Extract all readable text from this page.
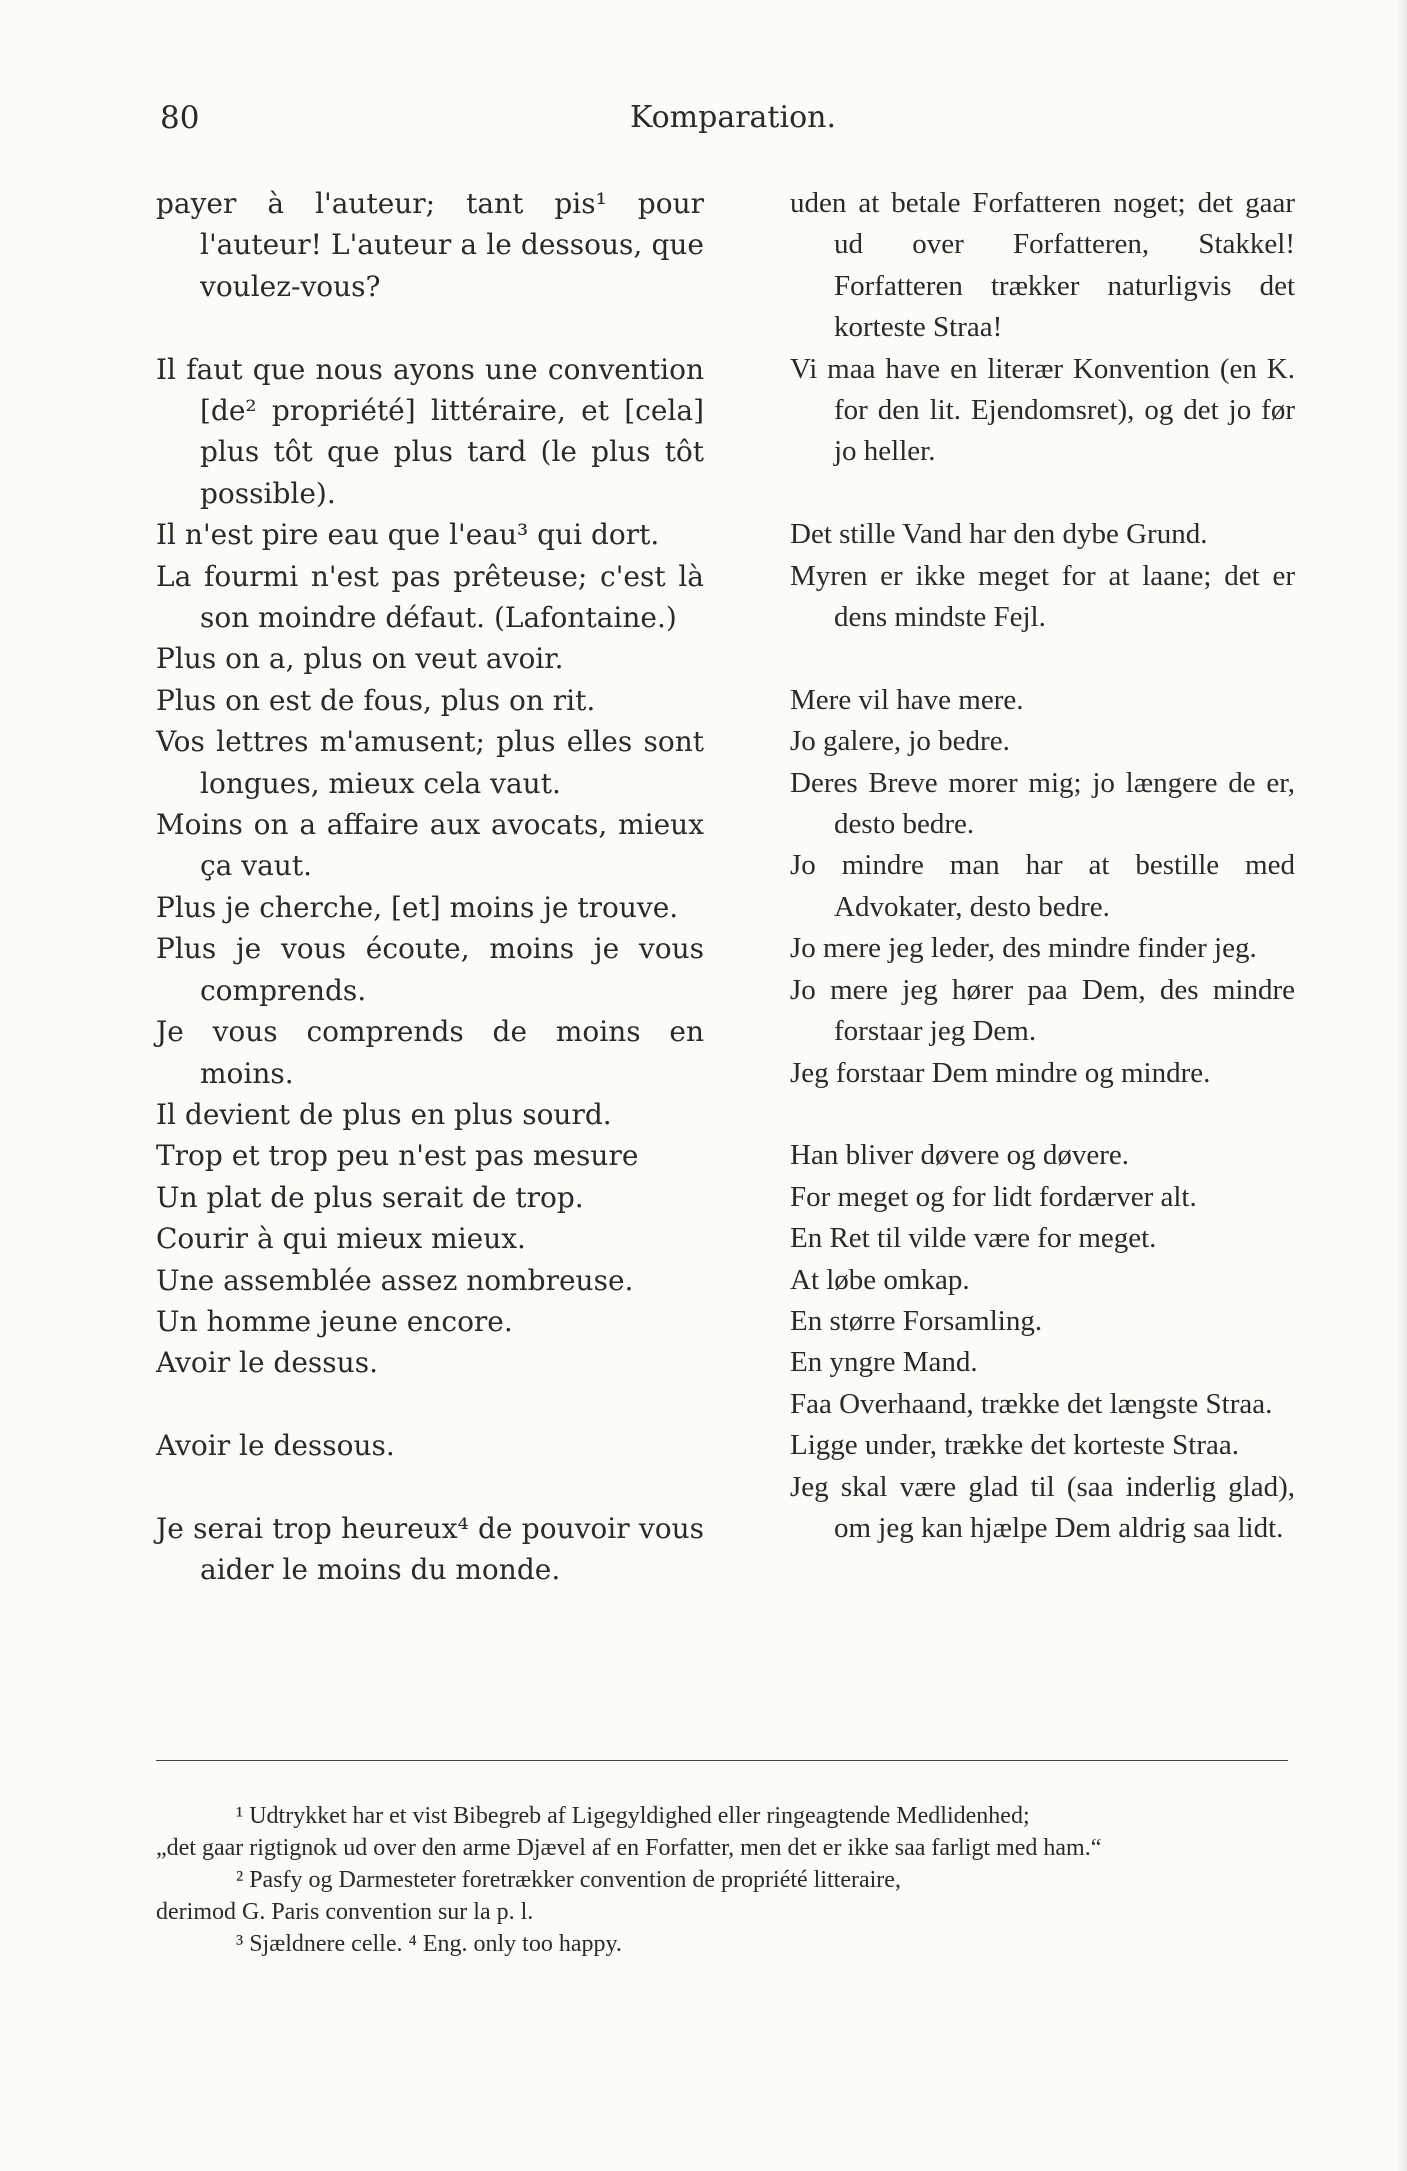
80	Komparation.

payer à l'auteur; tant pis¹ pour l'auteur! L'auteur a le dessous, que voulez-vous?

Il faut que nous ayons une convention [de² propriété] littéraire, et [cela] plus tôt que plus tard (le plus tôt possible).

Il n'est pire eau que l'eau³ qui dort.

La fourmi n'est pas prêteuse; c'est là son moindre défaut. (Lafontaine.)

Plus on a, plus on veut avoir.

Plus on est de fous, plus on rit.

Vos lettres m'amusent; plus elles sont longues, mieux cela vaut.

Moins on a affaire aux avocats, mieux ça vaut.

Plus je cherche, [et] moins je trouve.

Plus je vous écoute, moins je vous comprends.

Je vous comprends de moins en moins.

Il devient de plus en plus sourd.

Trop et trop peu n'est pas mesure

Un plat de plus serait de trop.

Courir à qui mieux mieux.

Une assemblée assez nombreuse.

Un homme jeune encore.

Avoir le dessus.

Avoir le dessous.

Je serai trop heureux⁴ de pouvoir vous aider le moins du monde.

uden at betale Forfatteren noget; det gaar ud over Forfatteren, Stakkel! Forfatteren trækker naturligvis det korteste Straa!

Vi maa have en literær Konvention (en K. for den lit. Ejendomsret), og det jo før jo heller.

Det stille Vand har den dybe Grund.

Myren er ikke meget for at laane; det er dens mindste Fejl.

Mere vil have mere.

Jo galere, jo bedre.

Deres Breve morer mig; jo længere de er, desto bedre.

Jo mindre man har at bestille med Advokater, desto bedre.

Jo mere jeg leder, des mindre finder jeg.

Jo mere jeg hører paa Dem, des mindre forstaar jeg Dem.

Jeg forstaar Dem mindre og mindre.

Han bliver døvere og døvere.

For meget og for lidt fordærver alt.

En Ret til vilde være for meget.

At løbe omkap.

En større Forsamling.

En yngre Mand.

Faa Overhaand, trække det længste Straa.

Ligge under, trække det korteste Straa.

Jeg skal være glad til (saa inderlig glad), om jeg kan hjælpe Dem aldrig saa lidt.

¹ Udtrykket har et vist Bibegreb af Ligegyldighed eller ringeagtende Medlidenhed;

„det gaar rigtignok ud over den arme Djævel af en Forfatter, men det er ikke saa farligt med ham.“

² Pasfy og Darmesteter foretrækker convention de propriété litteraire,

derimod G. Paris convention sur la p. l.

³ Sjældnere celle. ⁴ Eng. only too happy.
